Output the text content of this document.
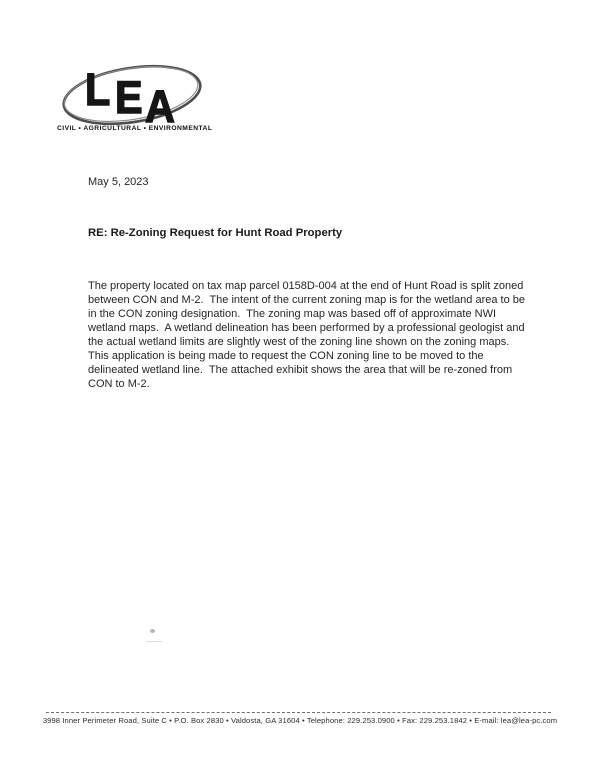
L E A
CIVIL • AGRICULTURAL • ENVIRONMENTAL
May 5, 2023
RE: Re-Zoning Request for Hunt Road Property
The property located on tax map parcel 0158D-004 at the end of Hunt Road is split zoned between CON and M-2.  The intent of the current zoning map is for the wetland area to be in the CON zoning designation.  The zoning map was based off of approximate NWI wetland maps.  A wetland delineation has been performed by a professional geologist and the actual wetland limits are slightly west of the zoning line shown on the zoning maps.  This application is being made to request the CON zoning line to be moved to the delineated wetland line.  The attached exhibit shows the area that will be re-zoned from CON to M-2.
3998 Inner Perimeter Road, Suite C • P.O. Box 2830 • Valdosta, GA 31604 • Telephone: 229.253.0900 • Fax: 229.253.1842 • E-mail: lea@lea-pc.com
